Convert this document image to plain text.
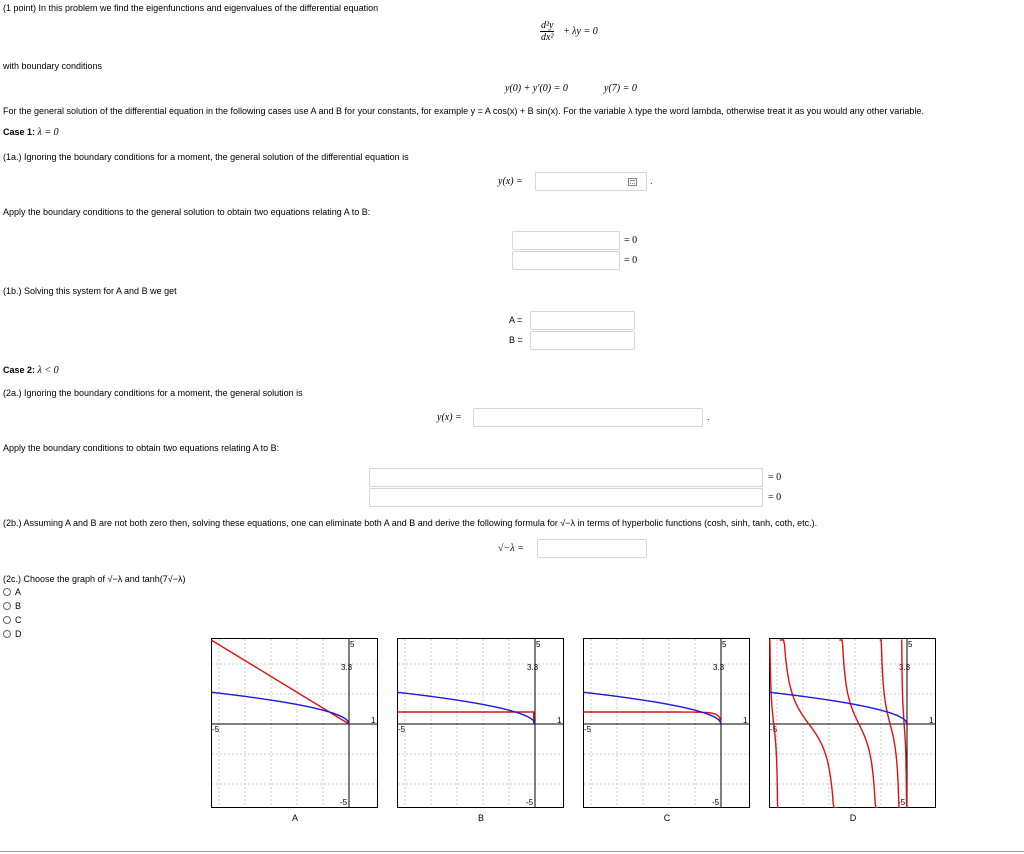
(1 point) In this problem we find the eigenfunctions and eigenvalues of the differential equation
$\frac{\text{d²y}}{\text{dx²}} + \lambda y = 0$
with boundary conditions
y(0) + y′(0) = 0	y(7) = 0
For the general solution of the differential equation in the following cases use A and B for your constants, for example y = A cos(x) + B sin(x). For the variable λ type the word lambda, otherwise treat it as you would any other variable.
Case 1: λ = 0
(1a.) Ignoring the boundary conditions for a moment, the general solution of the differential equation is
y(x) =	.
Apply the boundary conditions to the general solution to obtain two equations relating A to B:
= 0
= 0
(1b.) Solving this system for A and B we get
A =
B =
Case 2: λ < 0
(2a.) Ignoring the boundary conditions for a moment, the general solution is
y(x) =	.
Apply the boundary conditions to obtain two equations relating A to B:
= 0
= 0
(2b.) Assuming A and B are not both zero then, solving these equations, one can eliminate both A and B and derive the following formula for √−λ in terms of hyperbolic functions (cosh, sinh, tanh, coth, etc.).
√−λ =
(2c.) Choose the graph of √−λ and tanh(7√−λ)
A
B
C
D
5
-5
-5
1
3.3
5
-5
-5
1
3.3
5
-5
-5
1
3.3
5
-5
-5
1
3.3
A	B	C	D
